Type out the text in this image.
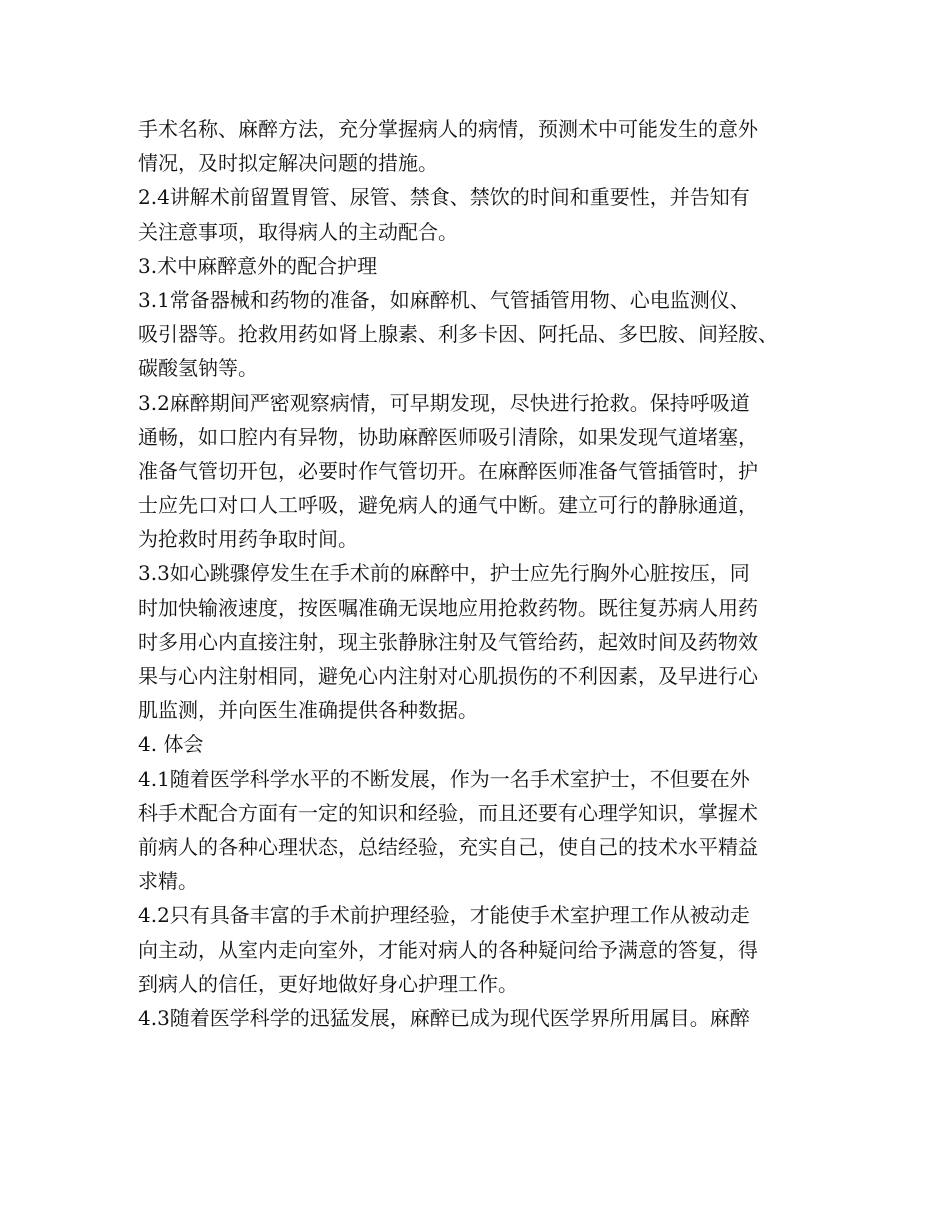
手术名称、麻醉方法，充分掌握病人的病情，预测术中可能发生的意外
情况，及时拟定解决问题的措施。
2.4讲解术前留置胃管、尿管、禁食、禁饮的时间和重要性，并告知有
关注意事项，取得病人的主动配合。
3.术中麻醉意外的配合护理
3.1常备器械和药物的准备，如麻醉机、气管插管用物、心电监测仪、
吸引器等。抢救用药如肾上腺素、利多卡因、阿托品、多巴胺、间羟胺、
碳酸氢钠等。
3.2麻醉期间严密观察病情，可早期发现，尽快进行抢救。保持呼吸道
通畅，如口腔内有异物，协助麻醉医师吸引清除，如果发现气道堵塞，
准备气管切开包，必要时作气管切开。在麻醉医师准备气管插管时，护
士应先口对口人工呼吸，避免病人的通气中断。建立可行的静脉通道，
为抢救时用药争取时间。
3.3如心跳骤停发生在手术前的麻醉中，护士应先行胸外心脏按压，同
时加快输液速度，按医嘱准确无误地应用抢救药物。既往复苏病人用药
时多用心内直接注射，现主张静脉注射及气管给药，起效时间及药物效
果与心内注射相同，避免心内注射对心肌损伤的不利因素，及早进行心
肌监测，并向医生准确提供各种数据。
4. 体会
4.1随着医学科学水平的不断发展，作为一名手术室护士，不但要在外
科手术配合方面有一定的知识和经验，而且还要有心理学知识，掌握术
前病人的各种心理状态，总结经验，充实自己，使自己的技术水平精益
求精。
4.2只有具备丰富的手术前护理经验，才能使手术室护理工作从被动走
向主动，从室内走向室外，才能对病人的各种疑问给予满意的答复，得
到病人的信任，更好地做好身心护理工作。
4.3随着医学科学的迅猛发展，麻醉已成为现代医学界所用属目。麻醉
